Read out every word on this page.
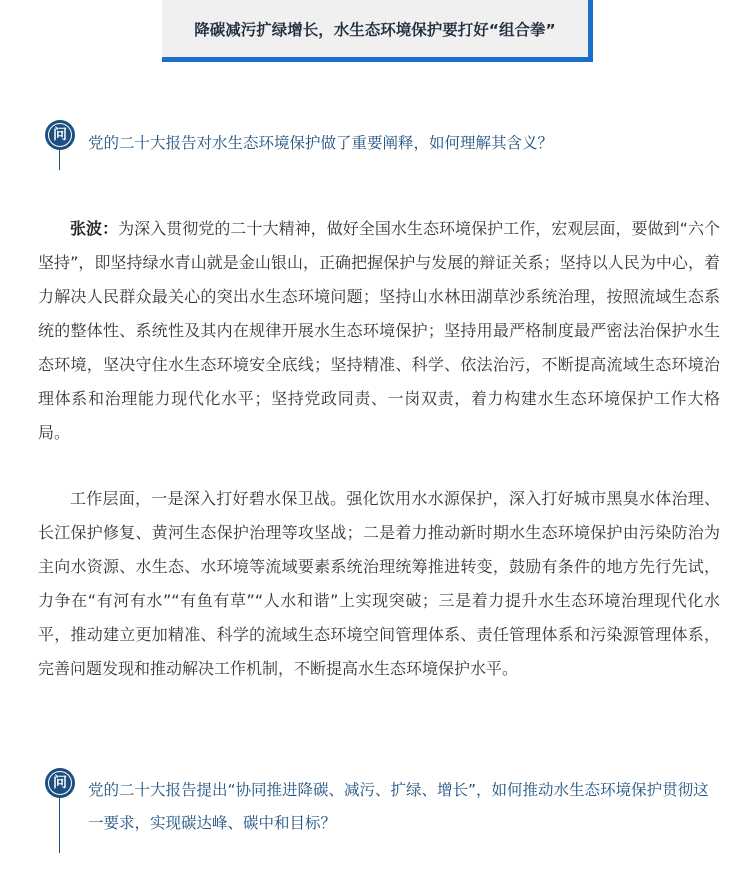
降碳减污扩绿增长，水生态环境保护要打好“组合拳”
问	党的二十大报告对水生态环境保护做了重要阐释，如何理解其含义？
张波：为深入贯彻党的二十大精神，做好全国水生态环境保护工作，宏观层面，要做到“六个坚持”，即坚持绿水青山就是金山银山，正确把握保护与发展的辩证关系；坚持以人民为中心，着力解决人民群众最关心的突出水生态环境问题；坚持山水林田湖草沙系统治理，按照流域生态系统的整体性、系统性及其内在规律开展水生态环境保护；坚持用最严格制度最严密法治保护水生态环境，坚决守住水生态环境安全底线；坚持精准、科学、依法治污，不断提高流域生态环境治理体系和治理能力现代化水平；坚持党政同责、一岗双责，着力构建水生态环境保护工作大格局。
工作层面，一是深入打好碧水保卫战。强化饮用水水源保护，深入打好城市黑臭水体治理、长江保护修复、黄河生态保护治理等攻坚战；二是着力推动新时期水生态环境保护由污染防治为主向水资源、水生态、水环境等流域要素系统治理统筹推进转变，鼓励有条件的地方先行先试，力争在“有河有水”“有鱼有草”“人水和谐”上实现突破；三是着力提升水生态环境治理现代化水平，推动建立更加精准、科学的流域生态环境空间管理体系、责任管理体系和污染源管理体系，完善问题发现和推动解决工作机制，不断提高水生态环境保护水平。
问	党的二十大报告提出“协同推进降碳、减污、扩绿、增长”，如何推动水生态环境保护贯彻这一要求，实现碳达峰、碳中和目标？
